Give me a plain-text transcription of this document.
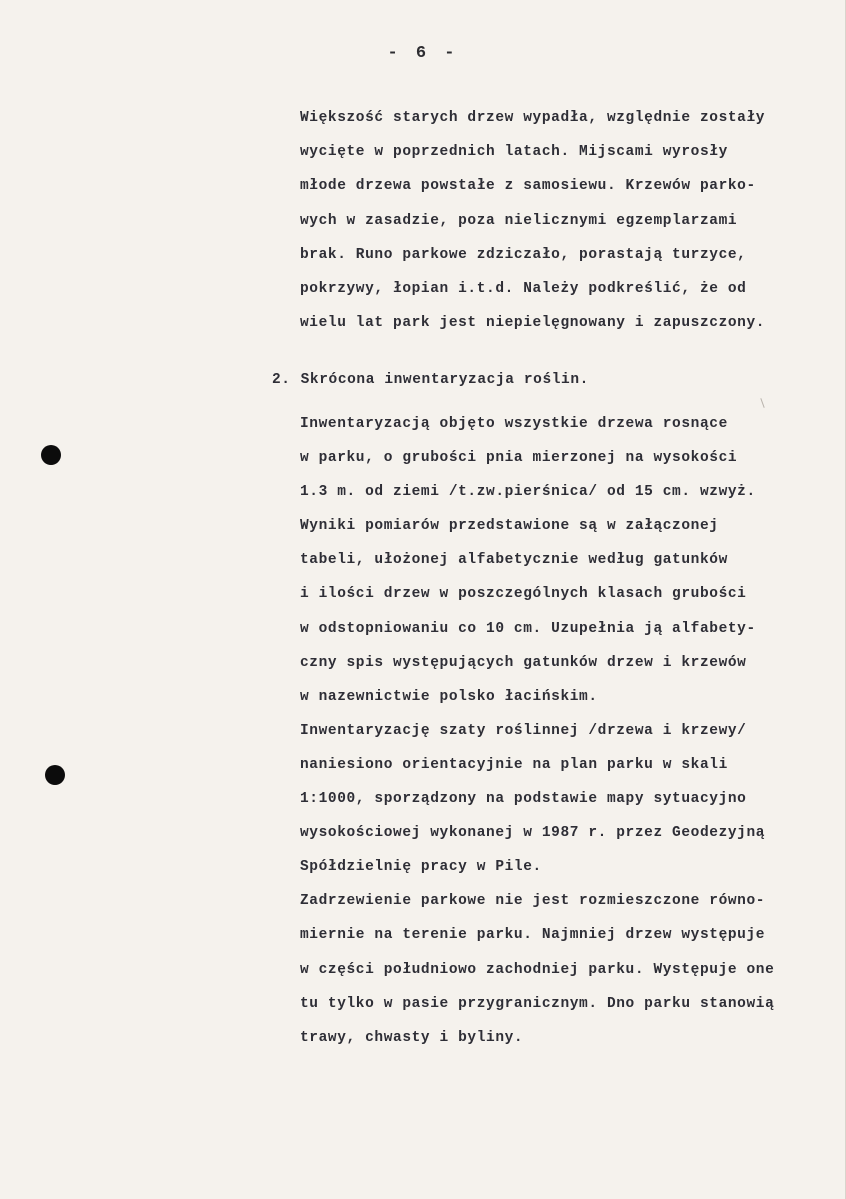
- 6 -
Większość starych drzew wypadła, względnie zostały
wycięte w poprzednich latach. Mijscami wyrosły
młode drzewa powstałe z samosiewu. Krzewów parko-
wych w zasadzie, poza nielicznymi egzemplarzami
brak. Runo parkowe zdziczało, porastają turzyce,
pokrzywy, łopian i.t.d. Należy podkreślić, że od
wielu lat park jest niepielęgnowany i zapuszczony.
2. Skrócona inwentaryzacja roślin.
Inwentaryzacją objęto wszystkie drzewa rosnące
w parku, o grubości pnia mierzonej na wysokości
1.3 m. od ziemi /t.zw.pierśnica/ od 15 cm. wzwyż.
Wyniki pomiarów przedstawione są w załączonej
tabeli, ułożonej alfabetycznie według gatunków
i ilości drzew w poszczególnych klasach grubości
w odstopniowaniu co 10 cm. Uzupełnia ją alfabety-
czny spis występujących gatunków drzew i krzewów
w nazewnictwie polsko łacińskim.
Inwentaryzację szaty roślinnej /drzewa i krzewy/
naniesiono orientacyjnie na plan parku w skali
1:1000, sporządzony na podstawie mapy sytuacyjno
wysokościowej wykonanej w 1987 r. przez Geodezyjną
Spółdzielnię pracy w Pile.
Zadrzewienie parkowe nie jest rozmieszczone równo-
miernie na terenie parku. Najmniej drzew występuje
w części południowo zachodniej parku. Występuje one
tu tylko w pasie przygranicznym. Dno parku stanowią
trawy, chwasty i byliny.
